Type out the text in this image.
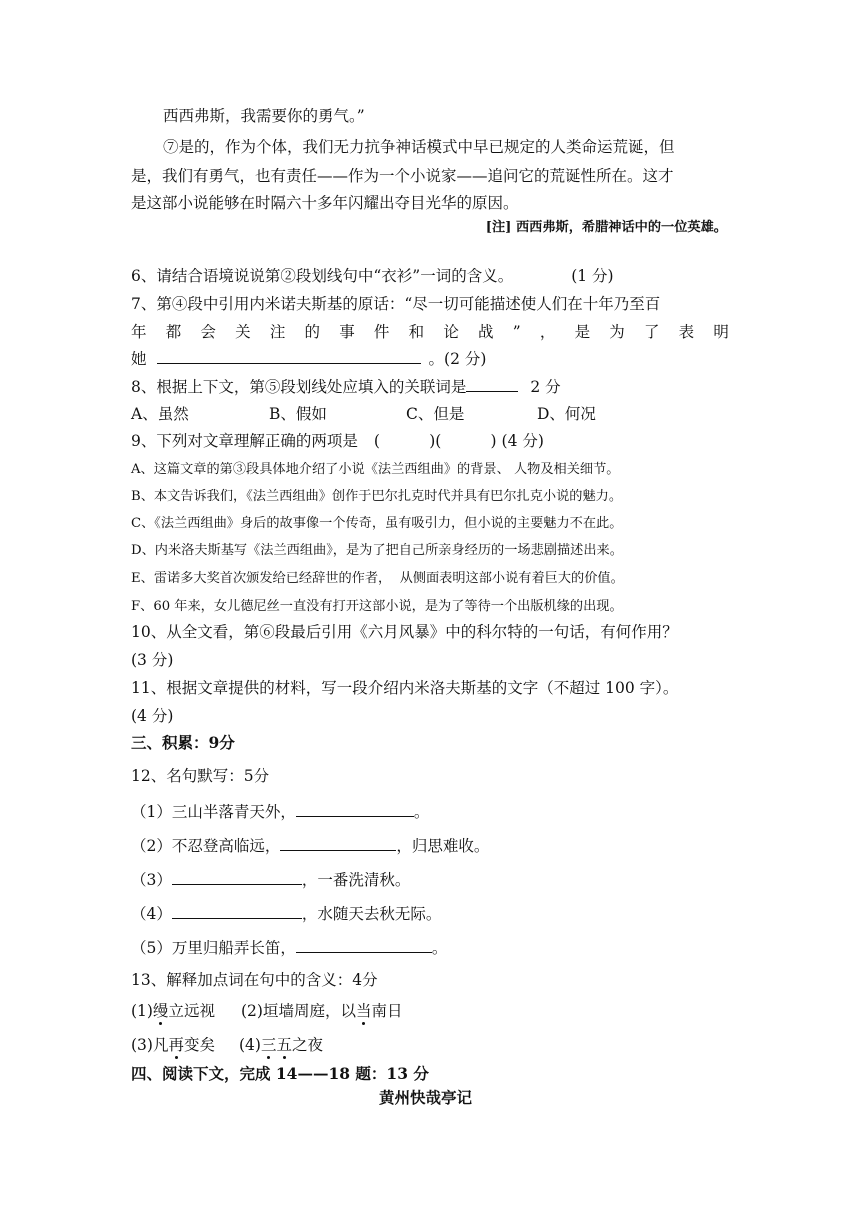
西西弗斯，我需要你的勇气。”
⑦是的，作为个体，我们无力抗争神话模式中早已规定的人类命运荒诞，但
是，我们有勇气，也有责任——作为一个小说家——追问它的荒诞性所在。这才
是这部小说能够在时隔六十多年闪耀出夺目光华的原因。
[注] 西西弗斯，希腊神话中的一位英雄。
6、请结合语境说说第②段划线句中“衣衫”一词的含义。	(1 分)
7、第④段中引用内米诺夫斯基的原话：“尽一切可能描述使人们在十年乃至百
年 都 会 关 注 的 事 件 和 论 战 ” ， 是 为 了 表 明
她	。(2 分)
8、根据上下文，第⑤段划线处应填入的关联词是	2 分
A、虽然	B、假如	C、但是	D、何况
9、下列对文章理解正确的两项是 (          )(          ) (4 分)
A、这篇文章的第③段具体地介绍了小说《法兰西组曲》的背景、 人物及相关细节。
B、本文告诉我们，《法兰西组曲》创作于巴尔扎克时代并具有巴尔扎克小说的魅力。
C、《法兰西组曲》身后的故事像一个传奇，虽有吸引力，但小说的主要魅力不在此。
D、内米洛夫斯基写《法兰西组曲》，是为了把自己所亲身经历的一场悲剧描述出来。
E、雷诺多大奖首次颁发给已经辞世的作者，  从侧面表明这部小说有着巨大的价值。
F、60 年来，女儿德尼丝一直没有打开这部小说，是为了等待一个出版机缘的出现。
10、从全文看，第⑥段最后引用《六月风暴》中的科尔特的一句话，有何作用？
(3 分)
11、根据文章提供的材料，写一段介绍内米洛夫斯基的文字（不超过 100 字）。
(4 分)
三、积累：9分
12、名句默写：5分
（1）三山半落青天外，	。
（2）不忍登高临远，	，归思难收。
（3）	，一番洗清秋。
（4）	，水随天去秋无际。
（5）万里归船弄长笛，	。
13、解释加点词在句中的含义：4分
(1)缦立远视 (2)垣墙周庭，以当南日
(3)凡再变矣 (4)三五之夜
四、阅读下文，完成 14——18 题：13 分
黄州快哉亭记
